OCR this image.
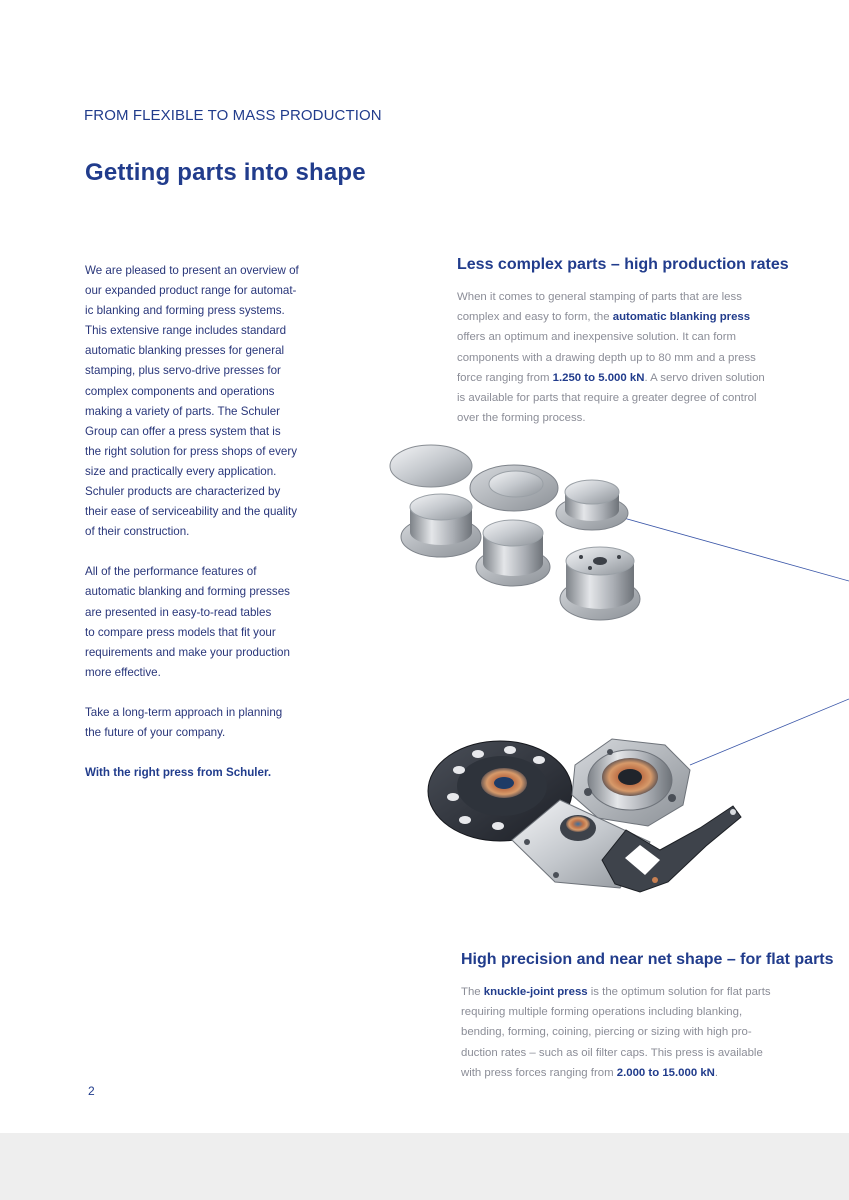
FROM FLEXIBLE TO MASS PRODUCTION
Getting parts into shape

We are pleased to present an overview of
our expanded product range for automat-
ic blanking and forming press systems.
This extensive range includes standard
automatic blanking presses for general
stamping, plus servo-drive presses for
complex components and operations
making a variety of parts. The Schuler
Group can offer a press system that is
the right solution for press shops of every
size and practically every application.
Schuler products are characterized by
their ease of serviceability and the quality
of their construction.

All of the performance features of
automatic blanking and forming presses
are presented in easy-to-read tables
to compare press models that fit your
requirements and make your production
more effective.

Take a long-term approach in planning
the future of your company.

With the right press from Schuler.

Less complex parts – high production rates
When it comes to general stamping of parts that are less
complex and easy to form, the automatic blanking press
offers an optimum and inexpensive solution. It can form
components with a drawing depth up to 80 mm and a press
force ranging from 1.250 to 5.000 kN. A servo driven solution
is available for parts that require a greater degree of control
over the forming process.
High precision and near net shape – for flat parts
The knuckle-joint press is the optimum solution for flat parts
requiring multiple forming operations including blanking,
bending, forming, coining, piercing or sizing with high pro-
duction rates – such as oil filter caps. This press is available
with press forces ranging from 2.000 to 15.000 kN.
2
